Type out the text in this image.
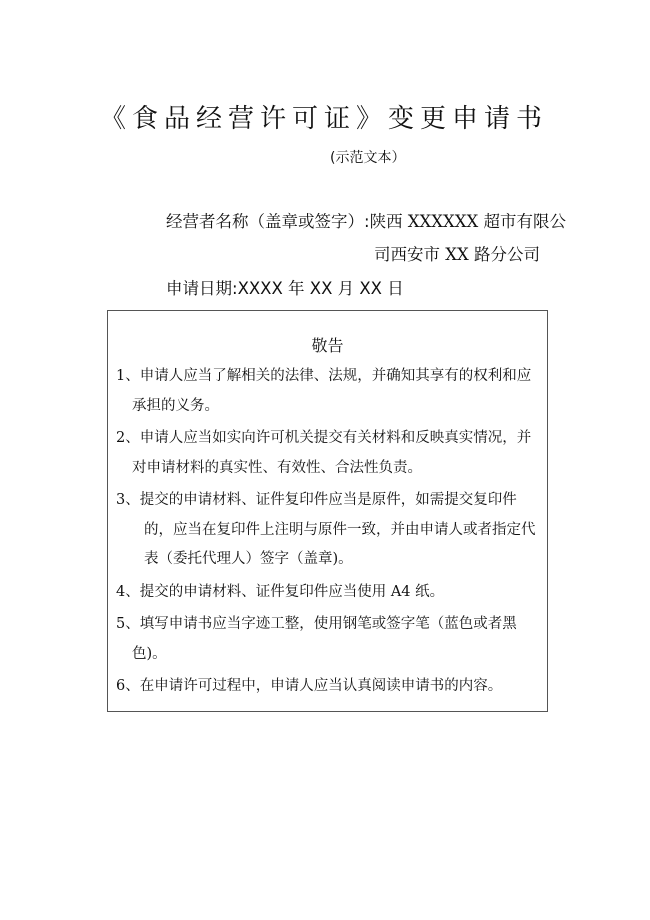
《食品经营许可证》变更申请书
(示范文本）
经营者名称（盖章或签字）:陕西 XXXXXX 超市有限公
司西安市 XX 路分公司
申请日期:XXXX 年 XX 月 XX 日
敬告
1、申请人应当了解相关的法律、法规，并确知其享有的权利和应承担的义务。
2、申请人应当如实向许可机关提交有关材料和反映真实情况，并对申请材料的真实性、有效性、合法性负责。
3、提交的申请材料、证件复印件应当是原件，如需提交复印件的，应当在复印件上注明与原件一致，并由申请人或者指定代表（委托代理人）签字（盖章)。
4、提交的申请材料、证件复印件应当使用 A4 纸。
5、填写申请书应当字迹工整，使用钢笔或签字笔（蓝色或者黑色)。
6、在申请许可过程中，申请人应当认真阅读申请书的内容。
